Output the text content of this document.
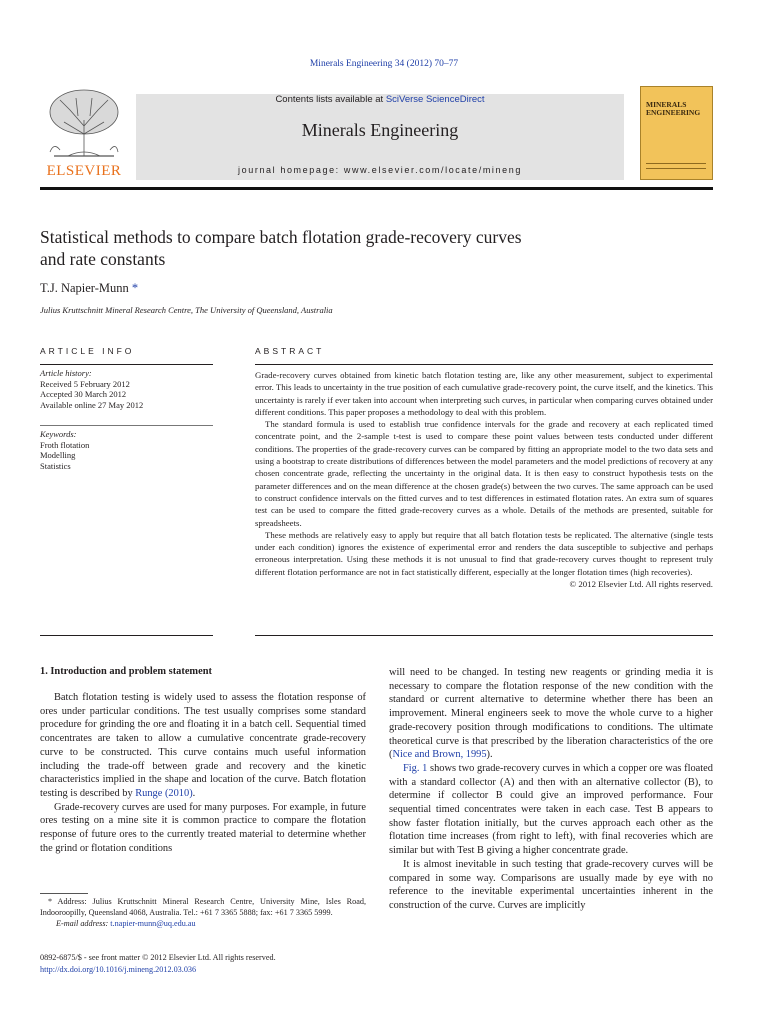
Minerals Engineering 34 (2012) 70–77
ELSEVIER
Contents lists available at SciVerse ScienceDirect
Minerals Engineering
journal homepage: www.elsevier.com/locate/mineng
MINERALS
ENGINEERING
Statistical methods to compare batch flotation grade-recovery curves
and rate constants
T.J. Napier-Munn *
Julius Kruttschnitt Mineral Research Centre, The University of Queensland, Australia
ARTICLE INFO
Article history:
Received 5 February 2012
Accepted 30 March 2012
Available online 27 May 2012
Keywords:
Froth flotation
Modelling
Statistics
ABSTRACT

Grade-recovery curves obtained from kinetic batch flotation testing are, like any other measurement, subject to experimental error. This leads to uncertainty in the true position of each cumulative grade-recovery point, the curve itself, and the kinetics. This uncertainty is rarely if ever taken into account when interpreting such curves, in particular when comparing curves obtained under different conditions. This paper proposes a methodology to deal with this problem.

The standard formula is used to establish true confidence intervals for the grade and recovery at each replicated timed concentrate point, and the 2-sample t-test is used to compare these point values between tests conducted under different conditions. The properties of the grade-recovery curves can be compared by fitting an appropriate model to the two data sets and using a bootstrap to create distributions of differences between the model parameters and the model predictions of recovery at any chosen concentrate grade, reflecting the uncertainty in the original data. It is then easy to construct hypothesis tests on the parameter differences and on the mean difference at the chosen grade(s) between the two curves. The same approach can be used to construct confidence intervals on the fitted curves and to test differences in estimated flotation rates. An extra sum of squares test can be used to compare the fitted grade-recovery curves as a whole. Details of the methods are presented, suitable for spreadsheets.

These methods are relatively easy to apply but require that all batch flotation tests be replicated. The alternative (single tests under each condition) ignores the existence of experimental error and renders the data susceptible to subjective and perhaps erroneous interpretation. Using these methods it is not unusual to find that grade-recovery curves thought to represent truly different flotation performance are not in fact statistically different, especially at the longer flotation times (high recoveries).

© 2012 Elsevier Ltd. All rights reserved.
1. Introduction and problem statement

Batch flotation testing is widely used to assess the flotation response of ores under particular conditions. The test usually comprises some standard procedure for grinding the ore and floating it in a batch cell. Sequential timed concentrates are taken to allow a cumulative concentrate grade-recovery curve to be constructed. This curve contains much useful information including the trade-off between grade and recovery and the kinetic characteristics implied in the shape and location of the curve. Batch flotation testing is described by Runge (2010).

Grade-recovery curves are used for many purposes. For example, in future ores testing on a mine site it is common practice to compare the flotation response of future ores to the currently treated material to determine whether the grind or flotation conditions

* Address: Julius Kruttschnitt Mineral Research Centre, University Mine, Isles Road, Indooroopilly, Queensland 4068, Australia. Tel.: +61 7 3365 5888; fax: +61 7 3365 5999.
E-mail address: t.napier-munn@uq.edu.au
0892-6875/$ - see front matter © 2012 Elsevier Ltd. All rights reserved.
http://dx.doi.org/10.1016/j.mineng.2012.03.036

will need to be changed. In testing new reagents or grinding media it is necessary to compare the flotation response of the new condition with the standard or current alternative to determine whether there has been an improvement. Mineral engineers seek to move the whole curve to a higher grade-recovery position through modifications to conditions. The ultimate theoretical curve is that prescribed by the liberation characteristics of the ore (Nice and Brown, 1995).

Fig. 1 shows two grade-recovery curves in which a copper ore was floated with a standard collector (A) and then with an alternative collector (B), to determine if collector B could give an improved performance. Four sequential timed concentrates were taken in each case. Test B appears to show faster flotation initially, but the curves approach each other as the flotation time increases (from right to left), with final recoveries which are similar but with Test B giving a higher concentrate grade.

It is almost inevitable in such testing that grade-recovery curves will be compared in some way. Comparisons are usually made by eye with no reference to the inevitable experimental uncertainties inherent in the construction of the curve. Curves are implicitly
